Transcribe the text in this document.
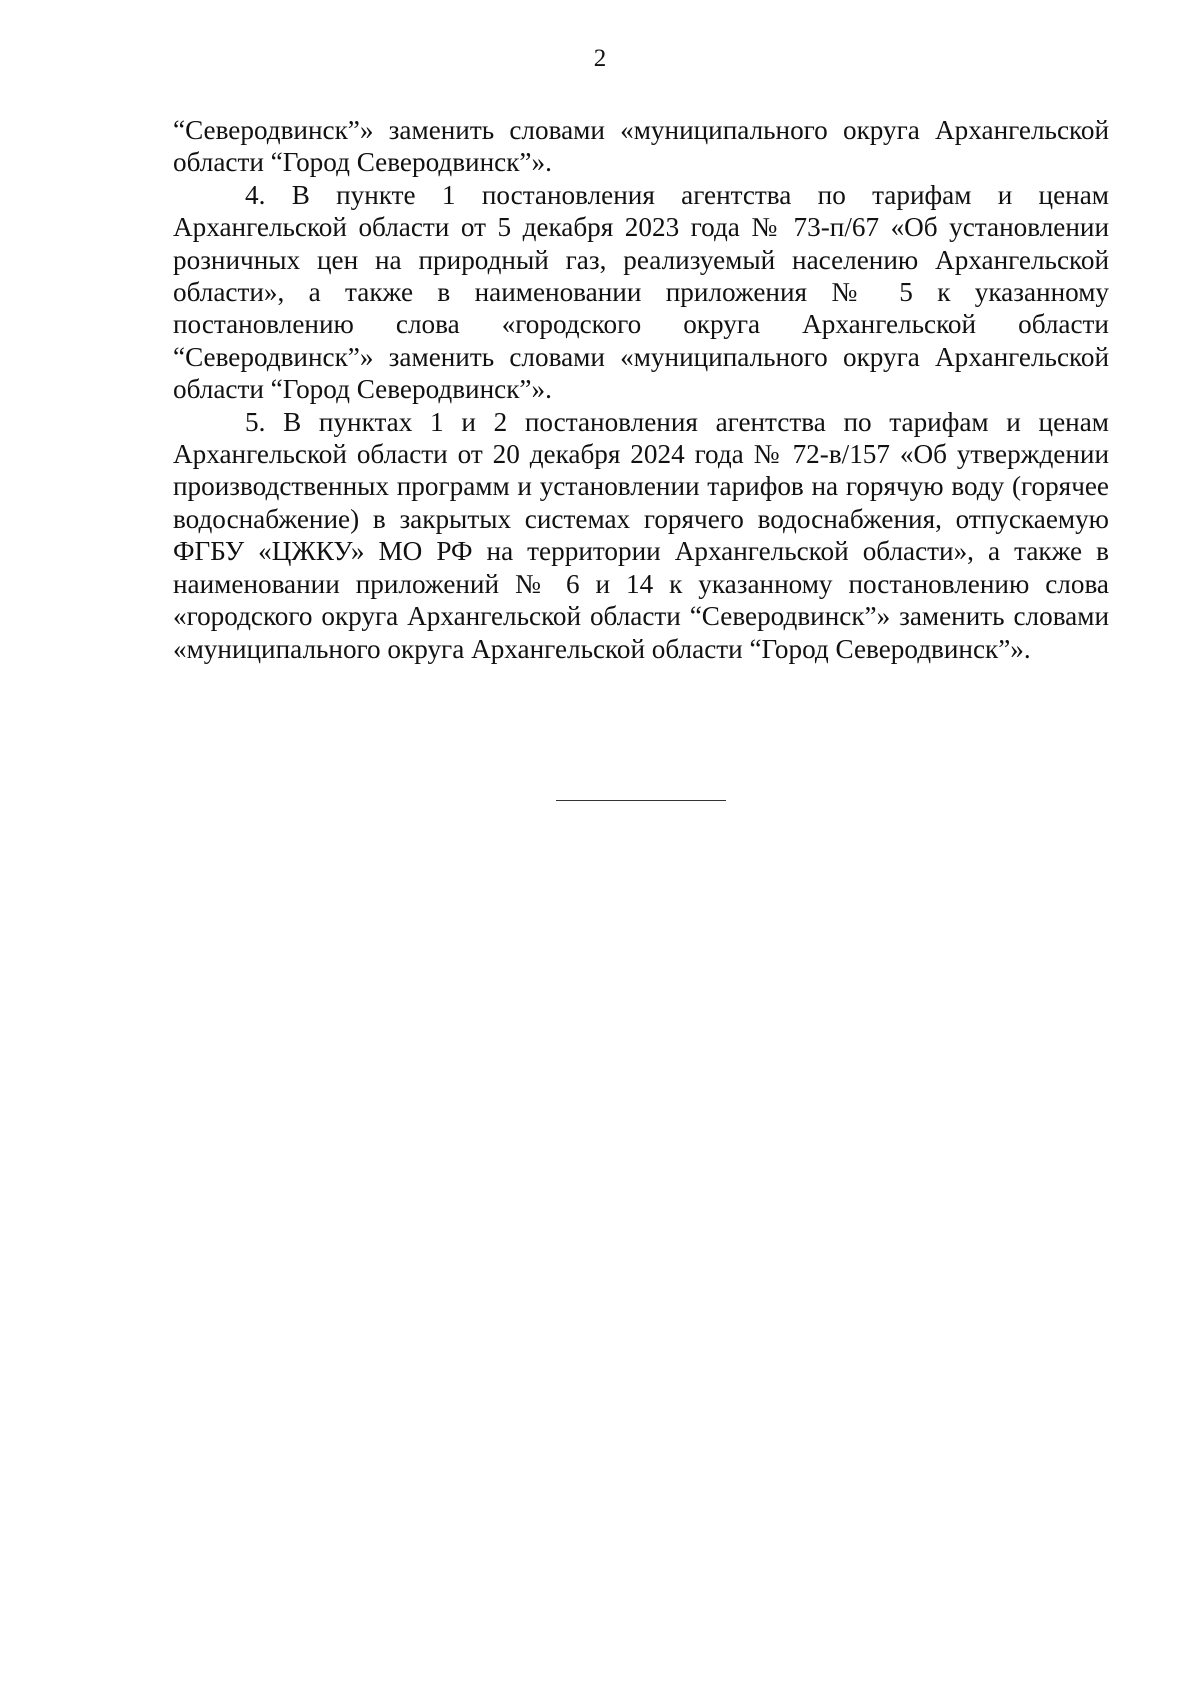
2

“Северодвинск”» заменить словами «муниципального округа Архангельской области “Город Северодвинск”».

4. В пункте 1 постановления агентства по тарифам и ценам Архангельской области от 5 декабря 2023 года № 73-п/67 «Об установлении розничных цен на природный газ, реализуемый населению Архангельской области», а также в наименовании приложения № 5 к указанному постановлению слова «городского округа Архангельской области “Северодвинск”» заменить словами «муниципального округа Архангельской области “Город Северодвинск”».

5. В пунктах 1 и 2 постановления агентства по тарифам и ценам Архангельской области от 20 декабря 2024 года № 72-в/157 «Об утверждении производственных программ и установлении тарифов на горячую воду (горячее водоснабжение) в закрытых системах горячего водоснабжения, отпускаемую ФГБУ «ЦЖКУ» МО РФ на территории Архангельской области», а также в наименовании приложений № 6 и 14 к указанному постановлению слова «городского округа Архангельской области “Северодвинск”» заменить словами «муниципального округа Архангельской области “Город Северодвинск”».
